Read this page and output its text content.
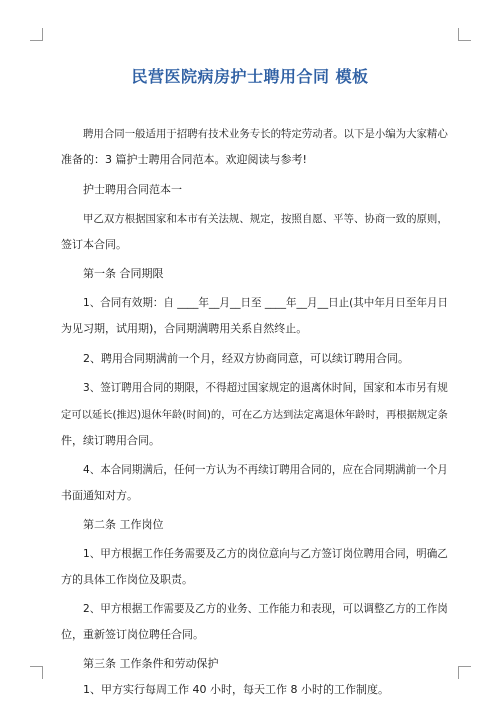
民营医院病房护士聘用合同 模板
聘用合同一般适用于招聘有技术业务专长的特定劳动者。以下是小编为大家精心
准备的：3 篇护士聘用合同范本。欢迎阅读与参考!
护士聘用合同范本一
甲乙双方根据国家和本市有关法规、规定，按照自愿、平等、协商一致的原则，
签订本合同。
第一条 合同期限
1、合同有效期：自 ____年__月__日至 ____年__月__日止(其中年月日至年月日
为见习期，试用期)，合同期满聘用关系自然终止。
2、聘用合同期满前一个月，经双方协商同意，可以续订聘用合同。
3、签订聘用合同的期限，不得超过国家规定的退离休时间，国家和本市另有规
定可以延长(推迟)退休年龄(时间)的，可在乙方达到法定离退休年龄时，再根据规定条
件，续订聘用合同。
4、本合同期满后，任何一方认为不再续订聘用合同的，应在合同期满前一个月
书面通知对方。
第二条 工作岗位
1、甲方根据工作任务需要及乙方的岗位意向与乙方签订岗位聘用合同，明确乙
方的具体工作岗位及职责。
2、甲方根据工作需要及乙方的业务、工作能力和表现，可以调整乙方的工作岗
位，重新签订岗位聘任合同。
第三条 工作条件和劳动保护
1、甲方实行每周工作 40 小时，每天工作 8 小时的工作制度。
